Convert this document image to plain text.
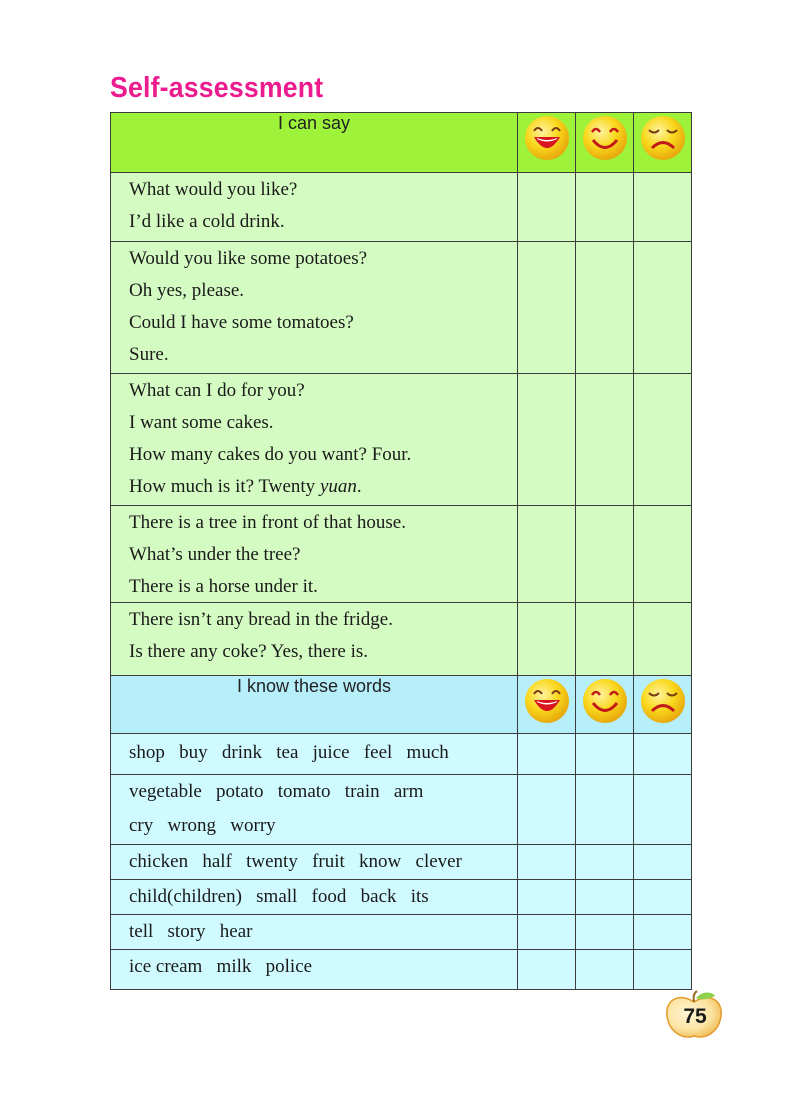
Self-assessment
I can say

What would you like?
I’d like a cold drink.			

Would you like some potatoes?
Oh yes, please.
Could I have some tomatoes?
Sure.			

What can I do for you?
I want some cakes.
How many cakes do you want? Four.
How much is it? Twenty yuan.			

There is a tree in front of that house.
What’s under the tree?
There is a horse under it.			

There isn’t any bread in the fridge.
Is there any coke? Yes, there is.			

I know these words

shop   buy   drink   tea   juice   feel   much			

vegetable   potato   tomato   train   arm
cry   wrong   worry			

chicken   half   twenty   fruit   know   clever			

child(children)   small   food   back   its			

tell   story   hear			

ice cream   milk   police			

75
